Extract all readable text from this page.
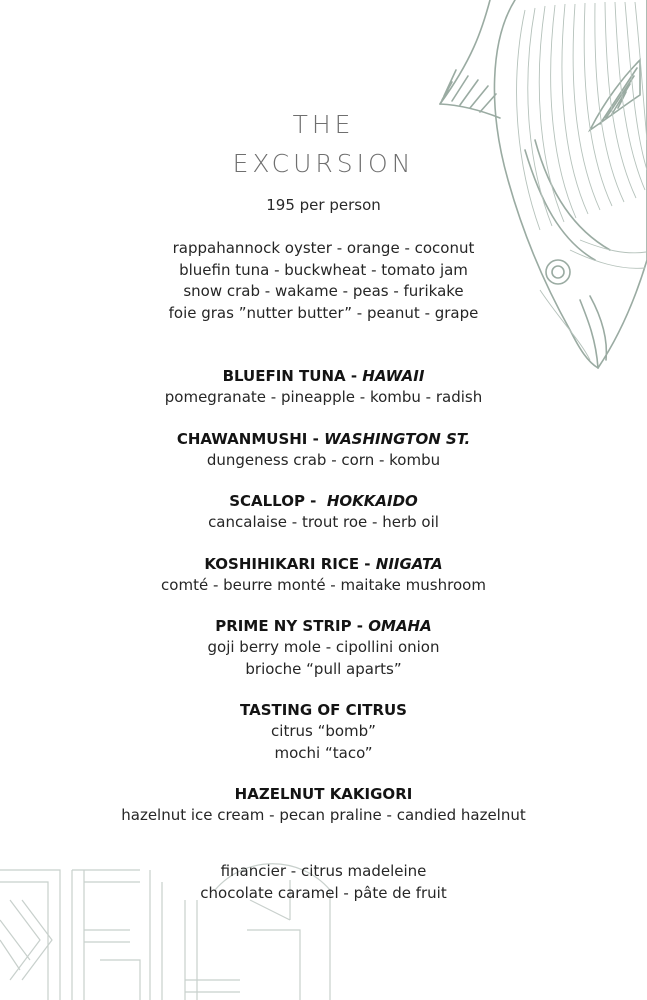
THE
EXCURSION
195 per person
rappahannock oyster - orange - coconut
bluefin tuna - buckwheat - tomato jam
snow crab - wakame - peas - furikake
foie gras ”nutter butter” - peanut - grape
BLUEFIN TUNA - HAWAII
pomegranate - pineapple - kombu - radish
CHAWANMUSHI - WASHINGTON ST.
dungeness crab - corn - kombu
SCALLOP -  HOKKAIDO
cancalaise - trout roe - herb oil
KOSHIHIKARI RICE - NIIGATA
comté - beurre monté - maitake mushroom
PRIME NY STRIP - OMAHA
goji berry mole - cipollini onion
brioche “pull aparts”
TASTING OF CITRUS
citrus “bomb”
mochi “taco”
HAZELNUT KAKIGORI
hazelnut ice cream - pecan praline - candied hazelnut
financier - citrus madeleine
chocolate caramel - pâte de fruit
